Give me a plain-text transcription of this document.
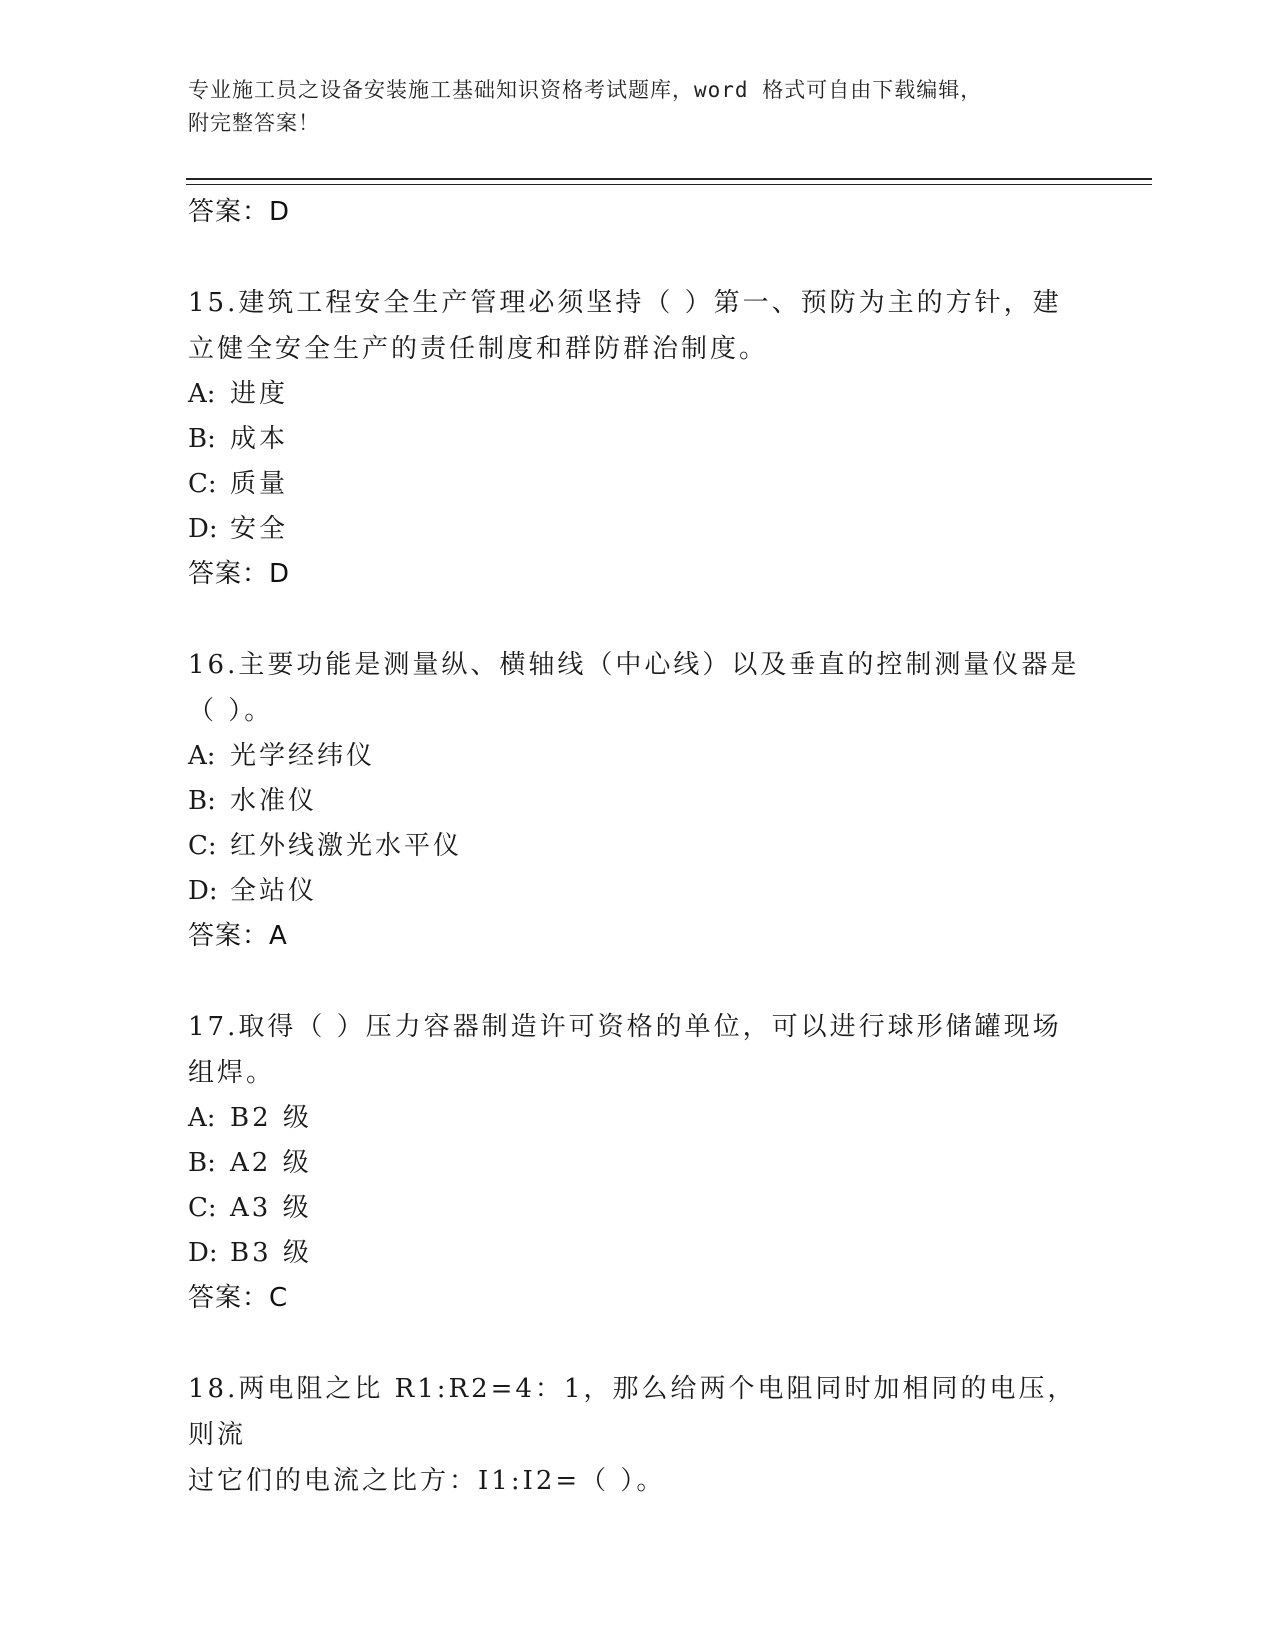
专业施工员之设备安装施工基础知识资格考试题库，word 格式可自由下载编辑，
附完整答案！
答案：D
15.建筑工程安全生产管理必须坚持（ ）第一、预防为主的方针，建
立健全安全生产的责任制度和群防群治制度。
A: 进度
B: 成本
C: 质量
D: 安全
答案：D
16.主要功能是测量纵、横轴线（中心线）以及垂直的控制测量仪器是
（ ）。
A: 光学经纬仪
B: 水准仪
C: 红外线激光水平仪
D: 全站仪
答案：A
17.取得（ ）压力容器制造许可资格的单位，可以进行球形储罐现场
组焊。
A: B2 级
B: A2 级
C: A3 级
D: B3 级
答案：C
18.两电阻之比 R1:R2=4：1，那么给两个电阻同时加相同的电压，则流
过它们的电流之比方：I1:I2=（ ）。
